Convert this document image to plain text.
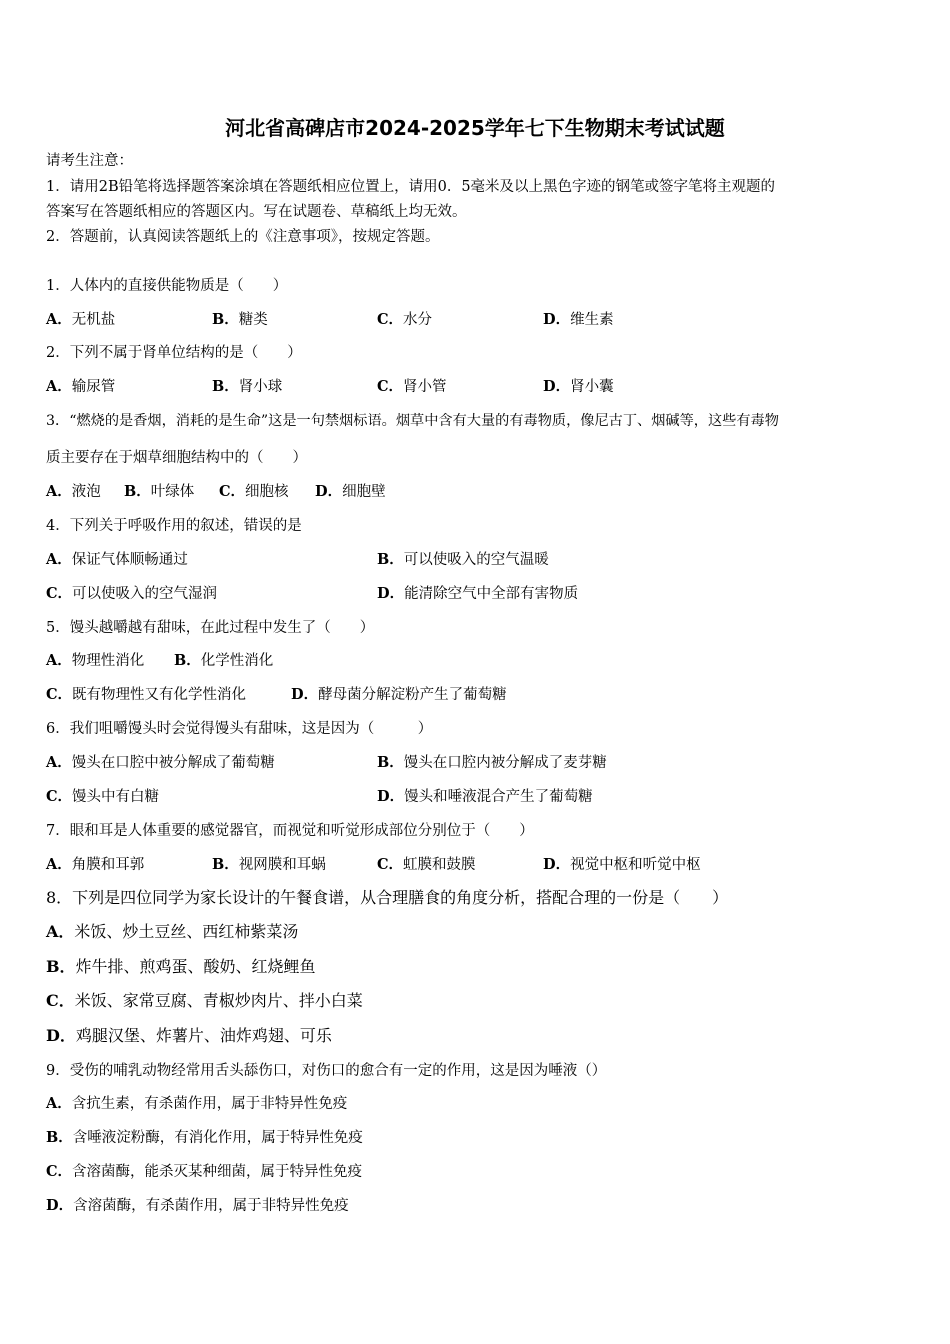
河北省高碑店市2024-2025学年七下生物期末考试试题
请考生注意：
1．请用2B铅笔将选择题答案涂填在答题纸相应位置上，请用0．5毫米及以上黑色字迹的钢笔或签字笔将主观题的
答案写在答题纸相应的答题区内。写在试题卷、草稿纸上均无效。
2．答题前，认真阅读答题纸上的《注意事项》，按规定答题。
1．人体内的直接供能物质是（　　）
A．无机盐	B．糖类	C．水分	D．维生素
2．下列不属于肾单位结构的是（　　）
A．输尿管	B．肾小球	C．肾小管	D．肾小囊
3．“燃烧的是香烟，消耗的是生命”这是一句禁烟标语。烟草中含有大量的有毒物质，像尼古丁、烟碱等，这些有毒物
质主要存在于烟草细胞结构中的（　　）
A．液泡 B．叶绿体 C．细胞核 D．细胞壁
4．下列关于呼吸作用的叙述，错误的是
A．保证气体顺畅通过	B．可以使吸入的空气温暖
C．可以使吸入的空气湿润	D．能清除空气中全部有害物质
5．馒头越嚼越有甜味，在此过程中发生了（　　）
A．物理性消化 B．化学性消化
C．既有物理性又有化学性消化	D．酵母菌分解淀粉产生了葡萄糖
6．我们咀嚼馒头时会觉得馒头有甜味，这是因为（　　　）
A．馒头在口腔中被分解成了葡萄糖	B．馒头在口腔内被分解成了麦芽糖
C．馒头中有白糖	D．馒头和唾液混合产生了葡萄糖
7．眼和耳是人体重要的感觉器官，而视觉和听觉形成部位分别位于（　　）
A．角膜和耳郭	B．视网膜和耳蜗	C．虹膜和鼓膜	D．视觉中枢和听觉中枢
8．下列是四位同学为家长设计的午餐食谱，从合理膳食的角度分析，搭配合理的一份是（　　）
A．米饭、炒土豆丝、西红柿紫菜汤
B．炸牛排、煎鸡蛋、酸奶、红烧鲤鱼
C．米饭、家常豆腐、青椒炒肉片、拌小白菜
D．鸡腿汉堡、炸薯片、油炸鸡翅、可乐
9．受伤的哺乳动物经常用舌头舔伤口，对伤口的愈合有一定的作用，这是因为唾液（）
A．含抗生素，有杀菌作用，属于非特异性免疫
B．含唾液淀粉酶，有消化作用，属于特异性免疫
C．含溶菌酶，能杀灭某种细菌，属于特异性免疫
D．含溶菌酶，有杀菌作用，属于非特异性免疫
